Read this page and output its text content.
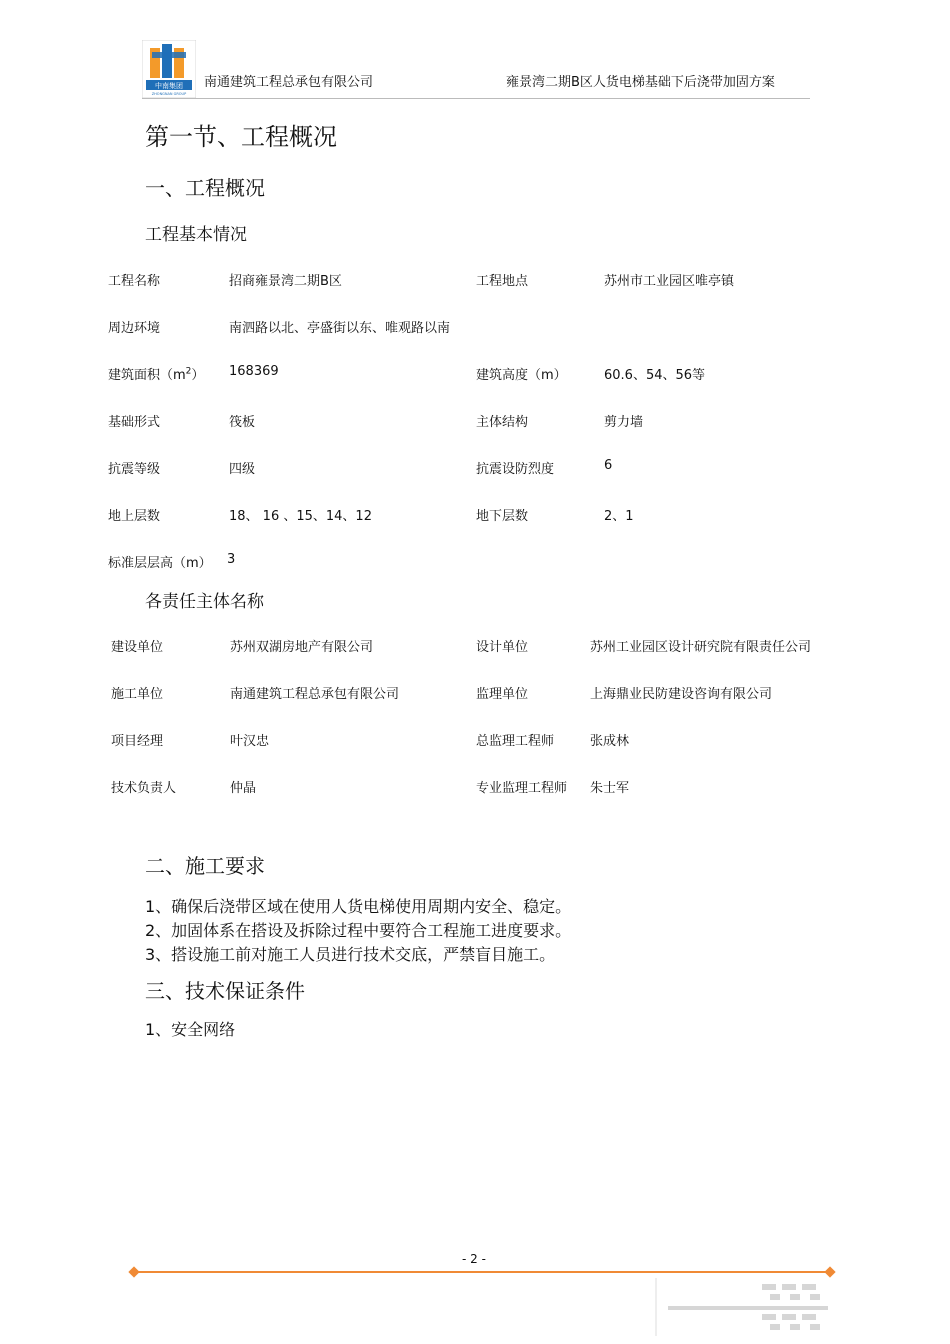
中南集团
ZHONGNAN GROUP
南通建筑工程总承包有限公司	雍景湾二期B区人货电梯基础下后浇带加固方案
第一节、工程概况
一、工程概况
工程基本情况
工程名称	招商雍景湾二期B区	工程地点	苏州市工业园区唯亭镇
周边环境	南泗路以北、亭盛街以东、唯观路以南
建筑面积$(m^2)$ 168369	建筑高度（m）	60.6、54、56等
基础形式	筏板	主体结构	剪力墙
抗震等级	四级	抗震设防烈度	6
地上层数	18、 16 、15、14、12	地下层数	2、1
标准层层高（m） 3
各责任主体名称
建设单位	苏州双湖房地产有限公司	设计单位	苏州工业园区设计研究院有限责任公司
施工单位	南通建筑工程总承包有限公司	监理单位	上海鼎业民防建设咨询有限公司
项目经理	叶汉忠	总监理工程师	张成林
技术负责人	仲晶	专业监理工程师 朱士军
二、施工要求
1、确保后浇带区域在使用人货电梯使用周期内安全、稳定。
2、加固体系在搭设及拆除过程中要符合工程施工进度要求。
3、搭设施工前对施工人员进行技术交底，严禁盲目施工。
三、技术保证条件
1、安全网络
- 2 -
